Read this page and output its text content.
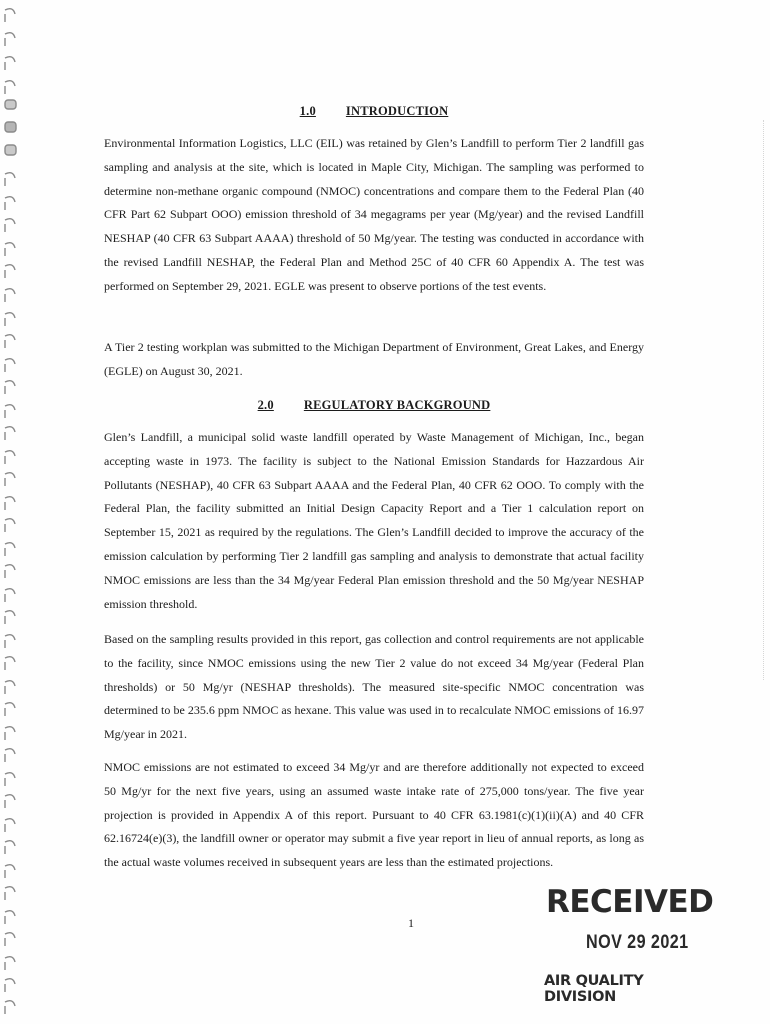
1.0 INTRODUCTION

Environmental Information Logistics, LLC (EIL) was retained by Glen’s Landfill to perform Tier 2 landfill gas sampling and analysis at the site, which is located in Maple City, Michigan. The sampling was performed to determine non-methane organic compound (NMOC) concentrations and compare them to the Federal Plan (40 CFR Part 62 Subpart OOO) emission threshold of 34 megagrams per year (Mg/year) and the revised Landfill NESHAP (40 CFR 63 Subpart AAAA) threshold of 50 Mg/year. The testing was conducted in accordance with the revised Landfill NESHAP, the Federal Plan and Method 25C of 40 CFR 60 Appendix A. The test was performed on September 29, 2021. EGLE was present to observe portions of the test events.

A Tier 2 testing workplan was submitted to the Michigan Department of Environment, Great Lakes, and Energy (EGLE) on August 30, 2021.

2.0 REGULATORY BACKGROUND

Glen’s Landfill, a municipal solid waste landfill operated by Waste Management of Michigan, Inc., began accepting waste in 1973. The facility is subject to the National Emission Standards for Hazzardous Air Pollutants (NESHAP), 40 CFR 63 Subpart AAAA and the Federal Plan, 40 CFR 62 OOO. To comply with the Federal Plan, the facility submitted an Initial Design Capacity Report and a Tier 1 calculation report on September 15, 2021 as required by the regulations. The Glen’s Landfill decided to improve the accuracy of the emission calculation by performing Tier 2 landfill gas sampling and analysis to demonstrate that actual facility NMOC emissions are less than the 34 Mg/year Federal Plan emission threshold and the 50 Mg/year NESHAP emission threshold.

Based on the sampling results provided in this report, gas collection and control requirements are not applicable to the facility, since NMOC emissions using the new Tier 2 value do not exceed 34 Mg/year (Federal Plan thresholds) or 50 Mg/yr (NESHAP thresholds). The measured site-specific NMOC concentration was determined to be 235.6 ppm NMOC as hexane. This value was used in to recalculate NMOC emissions of 16.97 Mg/year in 2021.

NMOC emissions are not estimated to exceed 34 Mg/yr and are therefore additionally not expected to exceed 50 Mg/yr for the next five years, using an assumed waste intake rate of 275,000 tons/year. The five year projection is provided in Appendix A of this report. Pursuant to 40 CFR 63.1981(c)(1)(ii)(A) and 40 CFR 62.16724(e)(3), the landfill owner or operator may submit a five year report in lieu of annual reports, as long as the actual waste volumes received in subsequent years are less than the estimated projections.

1
RECEIVED
NOV 29 2021
AIR QUALITY DIVISION
